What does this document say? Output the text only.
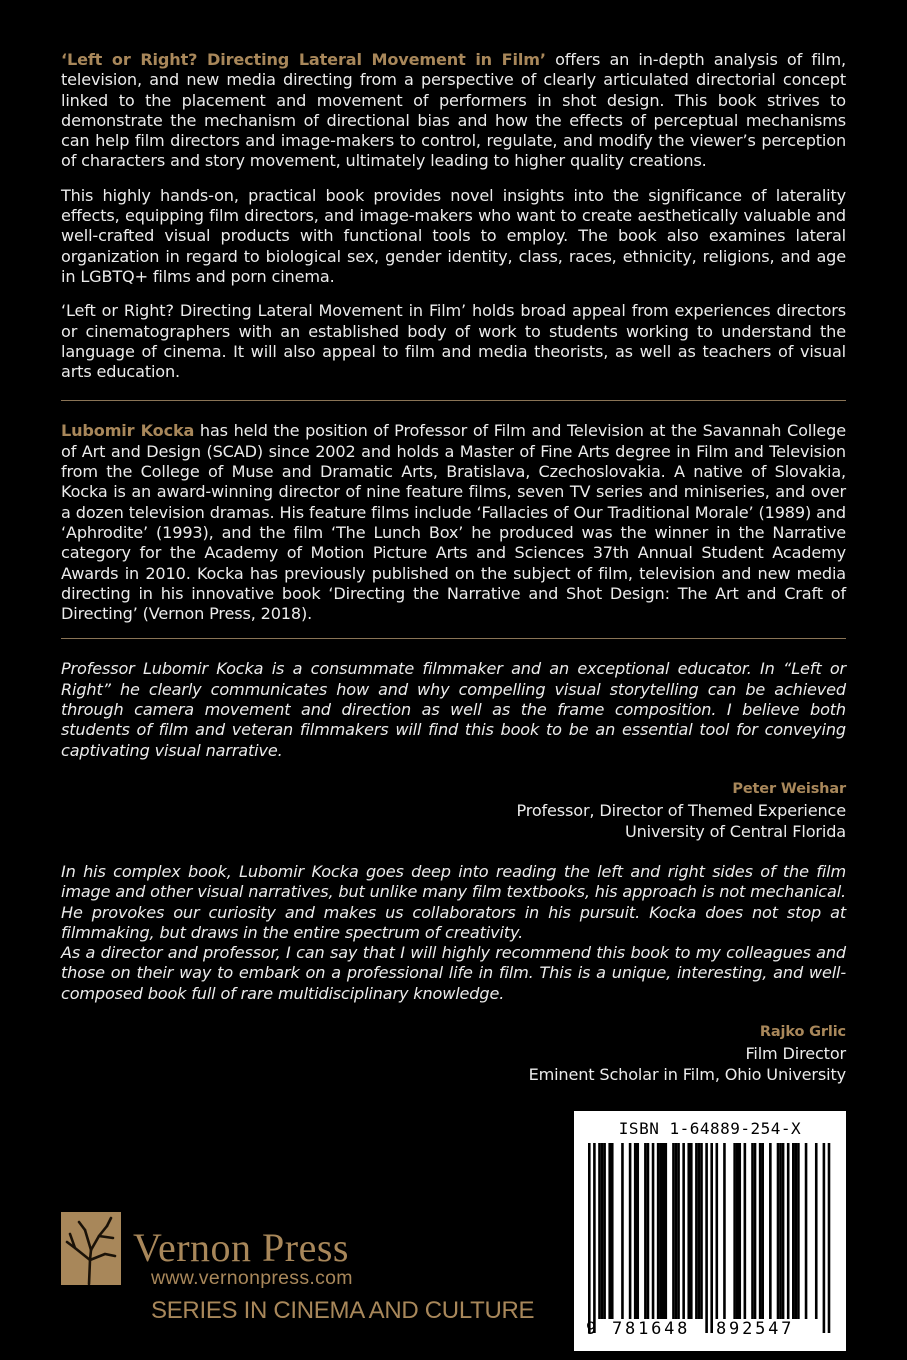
‘Left or Right? Directing Lateral Movement in Film’ offers an in-depth analysis of film, television, and new media directing from a perspective of clearly articulated directorial concept linked to the placement and movement of performers in shot design. This book strives to demonstrate the mechanism of directional bias and how the effects of perceptual mechanisms can help film directors and image-makers to control, regulate, and modify the viewer’s perception of characters and story movement, ultimately leading to higher quality creations.

This highly hands-on, practical book provides novel insights into the significance of laterality effects, equipping film directors, and image-makers who want to create aesthetically valuable and well-crafted visual products with functional tools to employ. The book also examines lateral organization in regard to biological sex, gender identity, class, races, ethnicity, religions, and age in LGBTQ+ films and porn cinema.

‘Left or Right? Directing Lateral Movement in Film’ holds broad appeal from experiences directors or cinematographers with an established body of work to students working to understand the language of cinema. It will also appeal to film and media theorists, as well as teachers of visual arts education.

Lubomir Kocka has held the position of Professor of Film and Television at the Savannah College of Art and Design (SCAD) since 2002 and holds a Master of Fine Arts degree in Film and Television from the College of Muse and Dramatic Arts, Bratislava, Czechoslovakia. A native of Slovakia, Kocka is an award-winning director of nine feature films, seven TV series and miniseries, and over a dozen television dramas. His feature films include ‘Fallacies of Our Traditional Morale’ (1989) and ‘Aphrodite’ (1993), and the film ‘The Lunch Box’ he produced was the winner in the Narrative category for the Academy of Motion Picture Arts and Sciences 37th Annual Student Academy Awards in 2010. Kocka has previously published on the subject of film, television and new media directing in his innovative book ‘Directing the Narrative and Shot Design: The Art and Craft of Directing’ (Vernon Press, 2018).

Professor Lubomir Kocka is a consummate filmmaker and an exceptional educator. In “Left or Right” he clearly communicates how and why compelling visual storytelling can be achieved through camera movement and direction as well as the frame composition. I believe both students of film and veteran filmmakers will find this book to be an essential tool for conveying captivating visual narrative.

Peter Weishar
Professor, Director of Themed Experience
University of Central Florida

In his complex book, Lubomir Kocka goes deep into reading the left and right sides of the film image and other visual narratives, but unlike many film textbooks, his approach is not mechanical. He provokes our curiosity and makes us collaborators in his pursuit. Kocka does not stop at filmmaking, but draws in the entire spectrum of creativity.

As a director and professor, I can say that I will highly recommend this book to my colleagues and those on their way to embark on a professional life in film. This is a unique, interesting, and well-composed book full of rare multidisciplinary knowledge.

Rajko Grlic
Film Director
Eminent Scholar in Film, Ohio University
Vernon Press
www.vernonpress.com
SERIES IN CINEMA AND CULTURE
ISBN 1-64889-254-X
9 781648 892547
